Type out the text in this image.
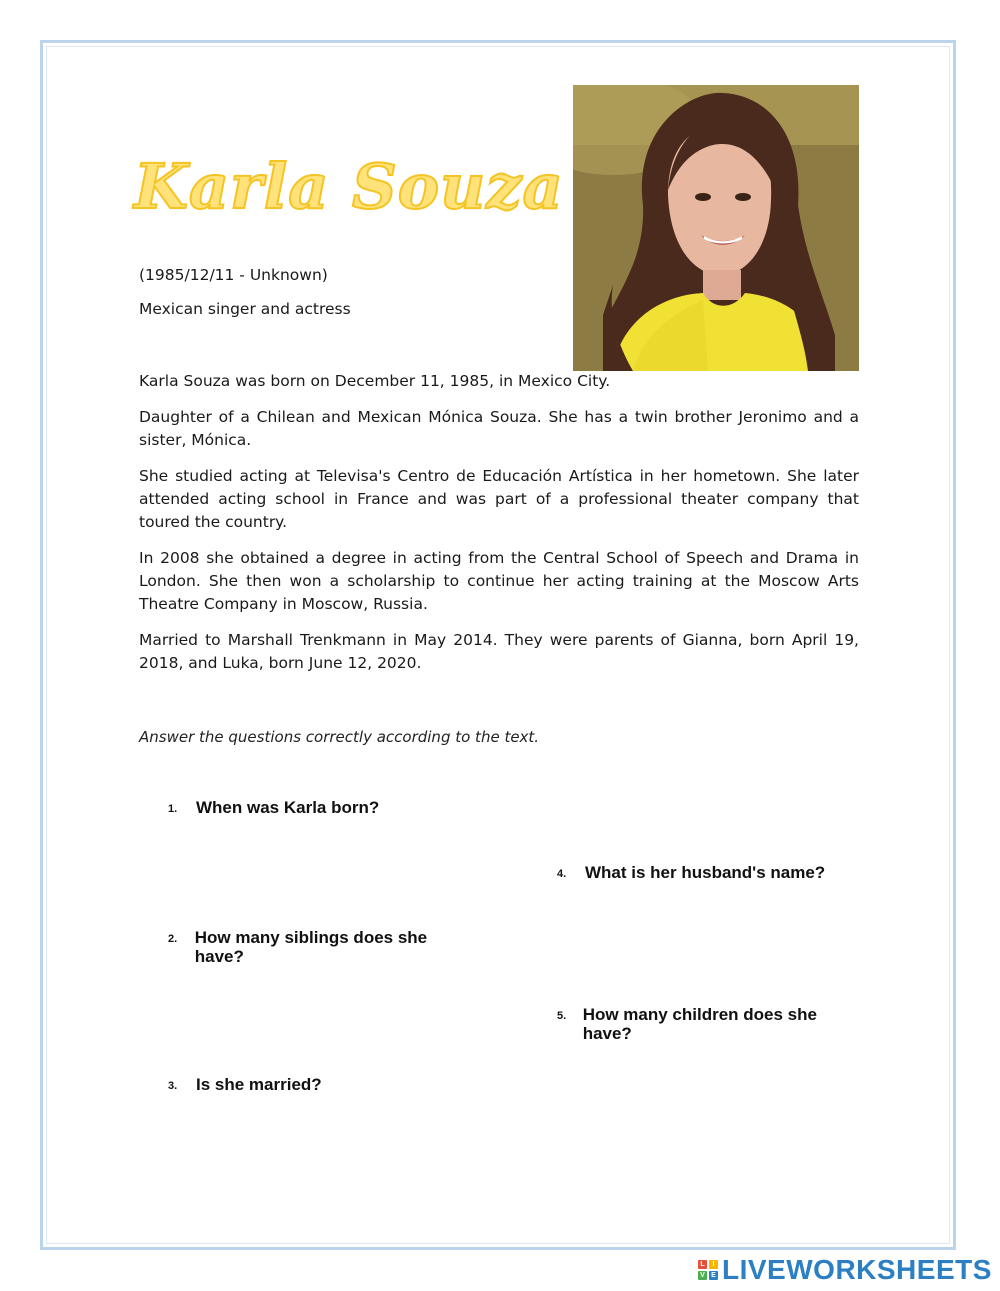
Karla Souza
(1985/12/11 - Unknown)
Mexican singer and actress

Karla Souza was born on December 11, 1985, in Mexico City.

Daughter of a Chilean and Mexican Mónica Souza. She has a twin brother Jeronimo and a sister, Mónica.

She studied acting at Televisa's Centro de Educación Artística in her hometown. She later attended acting school in France and was part of a professional theater company that toured the country.

In 2008 she obtained a degree in acting from the Central School of Speech and Drama in London. She then won a scholarship to continue her acting training at the Moscow Arts Theatre Company in Moscow, Russia.

Married to Marshall Trenkmann in May 2014. They were parents of Gianna, born April 19, 2018, and Luka, born June 12, 2020.

Answer the questions correctly according to the text.
1.	When was Karla born?
2.	How many siblings does she have?
3.	Is she married?
4.	What is her husband's name?
5. How many children does she have?
L	I
V E LIVEWORKSHEETS
